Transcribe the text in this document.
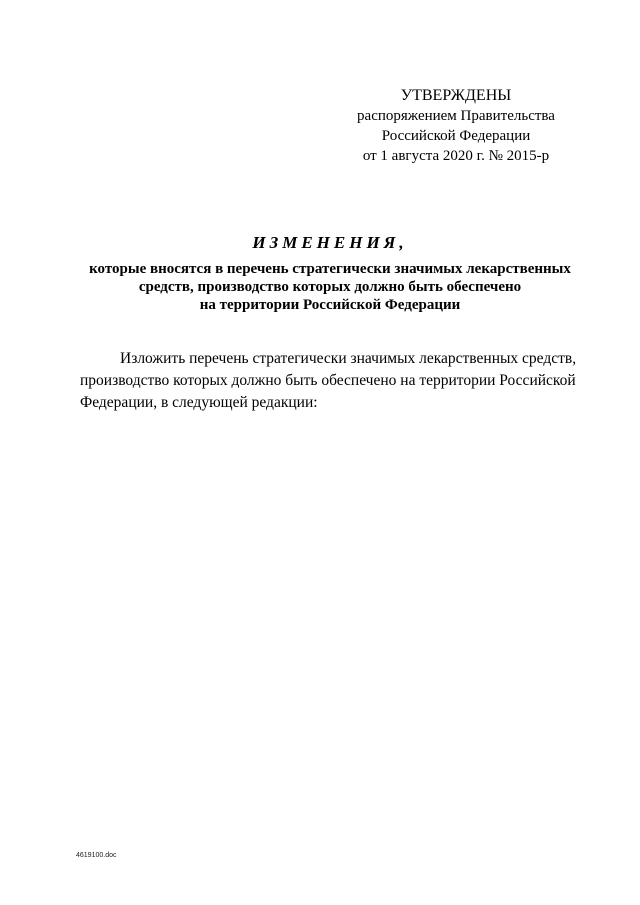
УТВЕРЖДЕНЫ
распоряжением Правительства
Российской Федерации
от 1 августа 2020 г. № 2015-р
ИЗМЕНЕНИЯ,
которые вносятся в перечень стратегически значимых лекарственных
средств, производство которых должно быть обеспечено
на территории Российской Федерации
Изложить перечень стратегически значимых лекарственных средств,
производство которых должно быть обеспечено на территории Российской
Федерации, в следующей редакции:
4619100.doc
